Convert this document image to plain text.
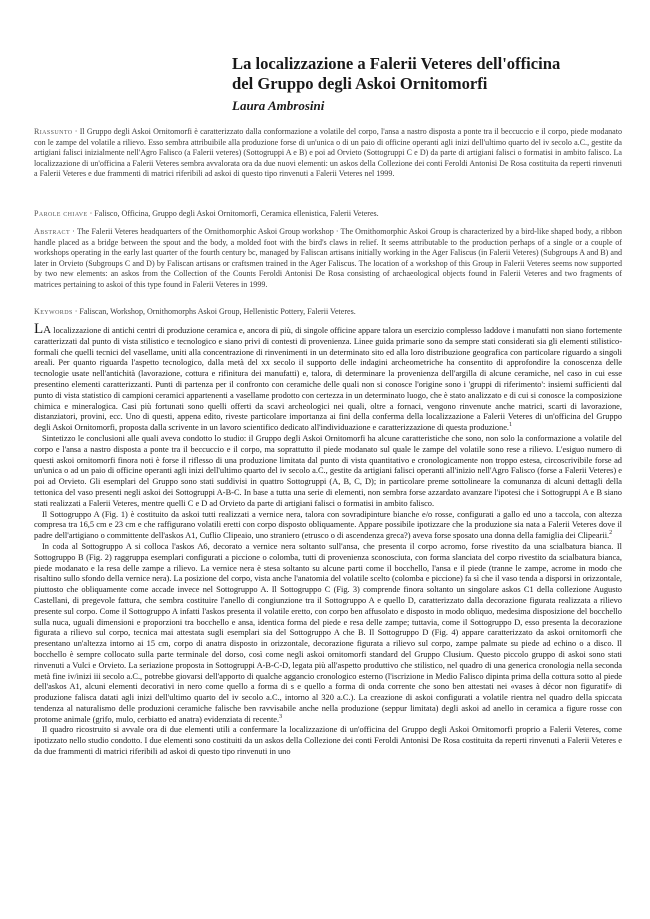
La localizzazione a Falerii Veteres dell'officina
del Gruppo degli Askoi Ornitomorfi

Laura Ambrosini

Riassunto · Il Gruppo degli Askoi Ornitomorfi è caratterizzato dalla conformazione a volatile del corpo, l'ansa a nastro disposta a ponte tra il beccuccio e il corpo, piede modanato con le zampe del volatile a rilievo. Esso sembra attribuibile alla produzione forse di un'unica o di un paio di officine operanti agli inizi dell'ultimo quarto del iv secolo a.C., gestite da artigiani falisci inizialmente nell'Agro Falisco (a Falerii veteres) (Sottogruppi A e B) e poi ad Orvieto (Sottogruppi C e D) da parte di artigiani falisci o formatisi in ambito falisco. La localizzazione di un'officina a Falerii Veteres sembra avvalorata ora da due nuovi elementi: un askos della Collezione dei conti Feroldi Antonisi De Rosa costituita da reperti rinvenuti a Falerii Veteres e due frammenti di matrici riferibili ad askoi di questo tipo rinvenuti a Falerii Veteres nel 1999.

Parole chiave · Falisco, Officina, Gruppo degli Askoi Ornitomorfi, Ceramica ellenistica, Falerii Veteres.

Abstract · The Falerii Veteres headquarters of the Ornithomorphic Askoi Group workshop · The Ornithomorphic Askoi Group is characterized by a bird-like shaped body, a ribbon handle placed as a bridge between the spout and the body, a molded foot with the bird's claws in relief. It seems attributable to the production perhaps of a single or a couple of workshops operating in the early last quarter of the fourth century bc, managed by Faliscan artisans initially working in the Ager Faliscus (in Falerii Veteres) (Subgroups A and B) and later in Orvieto (Subgroups C and D) by Faliscan artisans or craftsmen trained in the Ager Faliscus. The location of a workshop of this Group in Falerii Veteres seems now supported by two new elements: an askos from the Collection of the Counts Feroldi Antonisi De Rosa consisting of archaeological objects found in Falerii Veteres and two fragments of matrices pertaining to askoi of this type found in Falerii Veteres in 1999.

Keywords · Faliscan, Workshop, Ornithomorphs Askoi Group, Hellenistic Pottery, Falerii Veteres.

La localizzazione di antichi centri di produzione ceramica e, ancora di più, di singole officine appare talora un esercizio complesso laddove i manufatti non siano fortemente caratterizzati dal punto di vista stilistico e tecnologico e siano privi di contesti di provenienza. Linee guida primarie sono da sempre stati considerati sia gli elementi stilistico-formali che quelli tecnici del vasellame, uniti alla concentrazione di rinvenimenti in un determinato sito ed alla loro distribuzione geografica con particolare riguardo a singoli areali. Per quanto riguarda l'aspetto tecnologico, dalla metà del xx secolo il supporto delle indagini archeometriche ha consentito di approfondire la conoscenza delle tecnologie usate nell'antichità (lavorazione, cottura e rifinitura dei manufatti) e, talora, di determinare la provenienza dell'argilla di alcune ceramiche, nel caso in cui esse presentino elementi caratterizzanti. Punti di partenza per il confronto con ceramiche delle quali non si conosce l'origine sono i 'gruppi di riferimento': insiemi sufficienti dal punto di vista statistico di campioni ceramici appartenenti a vasellame prodotto con certezza in un determinato luogo, che è stato analizzato e di cui si conosce la composizione chimica e mineralogica. Casi più fortunati sono quelli offerti da scavi archeologici nei quali, oltre a fornaci, vengono rinvenute anche matrici, scarti di lavorazione, distanziatori, provini, ecc. Uno di questi, appena edito, riveste particolare importanza ai fini della conferma della localizzazione a Falerii Veteres di un'officina del Gruppo degli Askoi Ornitomorfi, proposta dalla scrivente in un lavoro scientifico dedicato all'individuazione e caratterizzazione di questa produzione.$^1$

Sintetizzo le conclusioni alle quali aveva condotto lo studio: il Gruppo degli Askoi Ornitomorfi ha alcune caratteristiche che sono, non solo la conformazione a volatile del corpo e l'ansa a nastro disposta a ponte tra il beccuccio e il corpo, ma soprattutto il piede modanato sul quale le zampe del volatile sono rese a rilievo. L'esiguo numero di questi askoi ornitomorfi finora noti è forse il riflesso di una produzione limitata dal punto di vista quantitativo e cronologicamente non troppo estesa, circoscrivibile forse ad un'unica o ad un paio di officine operanti agli inizi dell'ultimo quarto del iv secolo a.C., gestite da artigiani falisci operanti all'inizio nell'Agro Falisco (forse a Falerii Veteres) e poi ad Orvieto. Gli esemplari del Gruppo sono stati suddivisi in quattro Sottogruppi (A, B, C, D); in particolare preme sottolineare la comunanza di alcuni dettagli della tettonica del vaso presenti negli askoi dei Sottogruppi A-B-C. In base a tutta una serie di elementi, non sembra forse azzardato avanzare l'ipotesi che i Sottogruppi A e B siano stati realizzati a Falerii Veteres, mentre quelli C e D ad Orvieto da parte di artigiani falisci o formatisi in ambito falisco.

Il Sottogruppo A (Fig. 1) è costituito da askoi tutti realizzati a vernice nera, talora con sovradipinture bianche e/o rosse, configurati a gallo ed uno a taccola, con altezza compresa tra 16,5 cm e 23 cm e che raffigurano volatili eretti con corpo disposto obliquamente. Appare possibile ipotizzare che la produzione sia nata a Falerii Veteres dove il padre dell'artigiano o committente dell'askos A1, Cuflio Clipeaio, uno straniero (etrusco o di ascendenza greca?) aveva forse sposato una donna della famiglia dei Clipearii.$^2$

In coda al Sottogruppo A si colloca l'askos A6, decorato a vernice nera soltanto sull'ansa, che presenta il corpo acromo, forse rivestito da una scialbatura bianca. Il Sottogruppo B (Fig. 2) raggruppa esemplari configurati a piccione o colomba, tutti di provenienza sconosciuta, con forma slanciata del corpo rivestito da scialbatura bianca, piede modanato e la resa delle zampe a rilievo. La vernice nera è stesa soltanto su alcune parti come il bocchello, l'ansa e il piede (tranne le zampe, acrome in modo che risaltino sullo sfondo della vernice nera). La posizione del corpo, vista anche l'anatomia del volatile scelto (colomba e piccione) fa sì che il vaso tenda a disporsi in orizzontale, piuttosto che obliquamente come accade invece nel Sottogruppo A. Il Sottogruppo C (Fig. 3) comprende finora soltanto un singolare askos C1 della collezione Augusto Castellani, di pregevole fattura, che sembra costituire l'anello di congiunzione tra il Sottogruppo A e quello D, caratterizzato dalla decorazione figurata realizzata a rilievo presente sul corpo. Come il Sottogruppo A infatti l'askos presenta il volatile eretto, con corpo ben affusolato e disposto in modo obliquo, medesima disposizione del bocchello sulla nuca, uguali dimensioni e proporzioni tra bocchello e ansa, identica forma del piede e resa delle zampe; tuttavia, come il Sottogruppo D, esso presenta la decorazione figurata a rilievo sul corpo, tecnica mai attestata sugli esemplari sia del Sottogruppo A che B. Il Sottogruppo D (Fig. 4) appare caratterizzato da askoi ornitomorfi che presentano un'altezza intorno ai 15 cm, corpo di anatra disposto in orizzontale, decorazione figurata a rilievo sul corpo, zampe palmate su piede ad echino o a disco. Il bocchello è sempre collocato sulla parte terminale del dorso, così come negli askoi ornitomorfi standard del Gruppo Clusium. Questo piccolo gruppo di askoi sono stati rinvenuti a Vulci e Orvieto. La seriazione proposta in Sottogruppi A-B-C-D, legata più all'aspetto produttivo che stilistico, nel quadro di una generica cronologia nella seconda metà fine iv/inizi iii secolo a.C., potrebbe giovarsi dell'apporto di qualche aggancio cronologico esterno (l'iscrizione in Medio Falisco dipinta prima della cottura sotto al piede dell'askos A1, alcuni elementi decorativi in nero come quello a forma di s e quello a forma di onda corrente che sono ben attestati nei «vases à décor non figuratif» di produzione falisca datati agli inizi dell'ultimo quarto del iv secolo a.C., intorno al 320 a.C.). La creazione di askoi configurati a volatile rientra nel quadro della spiccata tendenza al naturalismo delle produzioni ceramiche falische ben ravvisabile anche nella produzione (seppur limitata) degli askoi ad anello in ceramica a figure rosse con protome animale (grifo, mulo, cerbiatto ed anatra) evidenziata di recente.$^3$

Il quadro ricostruito si avvale ora di due elementi utili a confermare la localizzazione di un'officina del Gruppo degli Askoi Ornitomorfi proprio a Falerii Veteres, come ipotizzato nello studio condotto. I due elementi sono costituiti da un askos della Collezione dei conti Feroldi Antonisi De Rosa costituita da reperti rinvenuti a Falerii Veteres e da due frammenti di matrici riferibili ad askoi di questo tipo rinvenuti in uno
